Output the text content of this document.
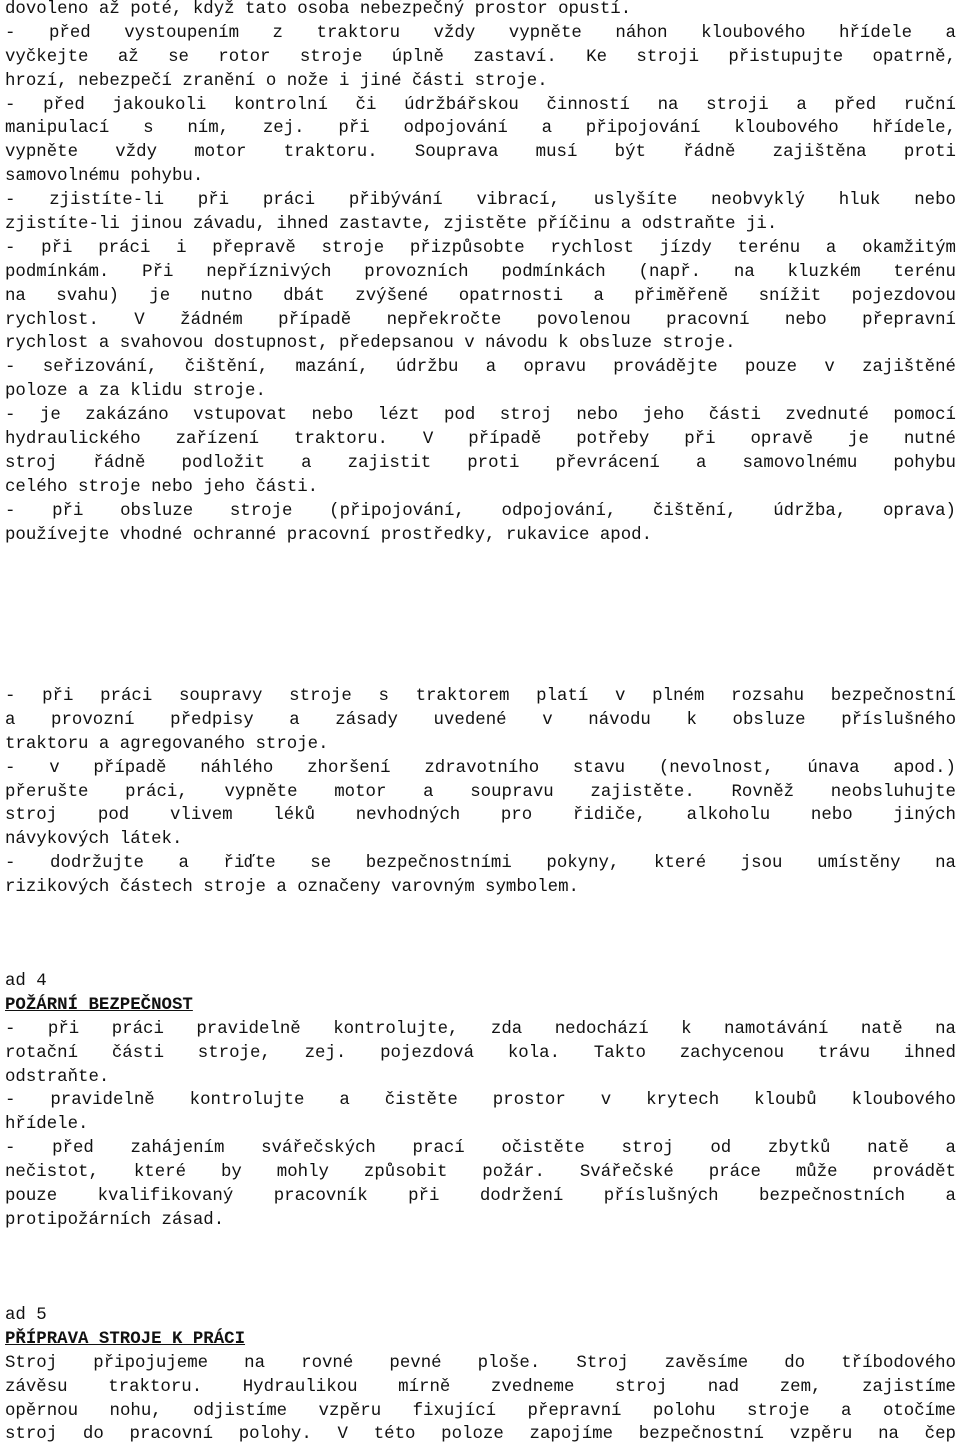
dovoleno až poté, když tato osoba nebezpečný prostor opustí.
- před vystoupením z traktoru vždy vypněte náhon kloubového hřídele a
vyčkejte až se rotor stroje úplně zastaví. Ke stroji přistupujte opatrně,
hrozí, nebezpečí zranění o nože i jiné části stroje.
- před jakoukoli kontrolní či údržbářskou činností na stroji a před ruční
manipulací s ním, zej. při odpojování a připojování kloubového hřídele,
vypněte vždy motor traktoru. Souprava musí být řádně zajištěna proti
samovolnému pohybu.
- zjistíte-li při práci přibývání vibrací, uslyšíte neobvyklý hluk nebo
zjistíte-li jinou závadu, ihned zastavte, zjistěte příčinu a odstraňte ji.
- při práci i přepravě stroje přizpůsobte rychlost jízdy terénu a okamžitým
podmínkám. Při nepříznivých provozních podmínkách (např. na kluzkém terénu
na svahu) je nutno dbát zvýšené opatrnosti a přiměřeně snížit pojezdovou
rychlost. V žádném případě nepřekročte povolenou pracovní nebo přepravní
rychlost a svahovou dostupnost, předepsanou v návodu k obsluze stroje.
- seřizování, čištění, mazání, údržbu a opravu provádějte pouze v zajištěné
poloze a za klidu stroje.
- je zakázáno vstupovat nebo lézt pod stroj nebo jeho části zvednuté pomocí
hydraulického zařízení traktoru. V případě potřeby při opravě je nutné
stroj řádně podložit a zajistit proti převrácení a samovolnému pohybu
celého stroje nebo jeho části.
- při obsluze stroje (připojování, odpojování, čištění, údržba, oprava)
používejte vhodné ochranné pracovní prostředky, rukavice apod.
- při práci soupravy stroje s traktorem platí v plném rozsahu bezpečnostní
a provozní předpisy a zásady uvedené v návodu k obsluze příslušného
traktoru a agregovaného stroje.
- v případě náhlého zhoršení zdravotního stavu (nevolnost, únava apod.)
přerušte práci, vypněte motor a soupravu zajistěte. Rovněž neobsluhujte
stroj pod vlivem léků nevhodných pro řidiče, alkoholu nebo jiných
návykových látek.
- dodržujte a řiďte se bezpečnostními pokyny, které jsou umístěny na
rizikových částech stroje a označeny varovným symbolem.
ad 4
POŽÁRNÍ BEZPEČNOST
- při práci pravidelně kontrolujte, zda nedochází k namotávání natě na
rotační části stroje, zej. pojezdová kola. Takto zachycenou trávu ihned
odstraňte.
- pravidelně kontrolujte a čistěte prostor v krytech kloubů kloubového
hřídele.
- před zahájením svářečských prací očistěte stroj od zbytků natě a
nečistot, které by mohly způsobit požár. Svářečské práce může provádět
pouze kvalifikovaný pracovník při dodržení příslušných bezpečnostních a
protipožárních zásad.
ad 5
PŘÍPRAVA STROJE K PRÁCI
Stroj připojujeme na rovné pevné ploše. Stroj zavěsíme do tříbodového
závěsu traktoru. Hydraulikou mírně zvedneme stroj nad zem, zajistíme
opěrnou nohu, odjistíme vzpěru fixující přepravní polohu stroje a otočíme
stroj do pracovní polohy. V této poloze zapojíme bezpečnostní vzpěru na čep
